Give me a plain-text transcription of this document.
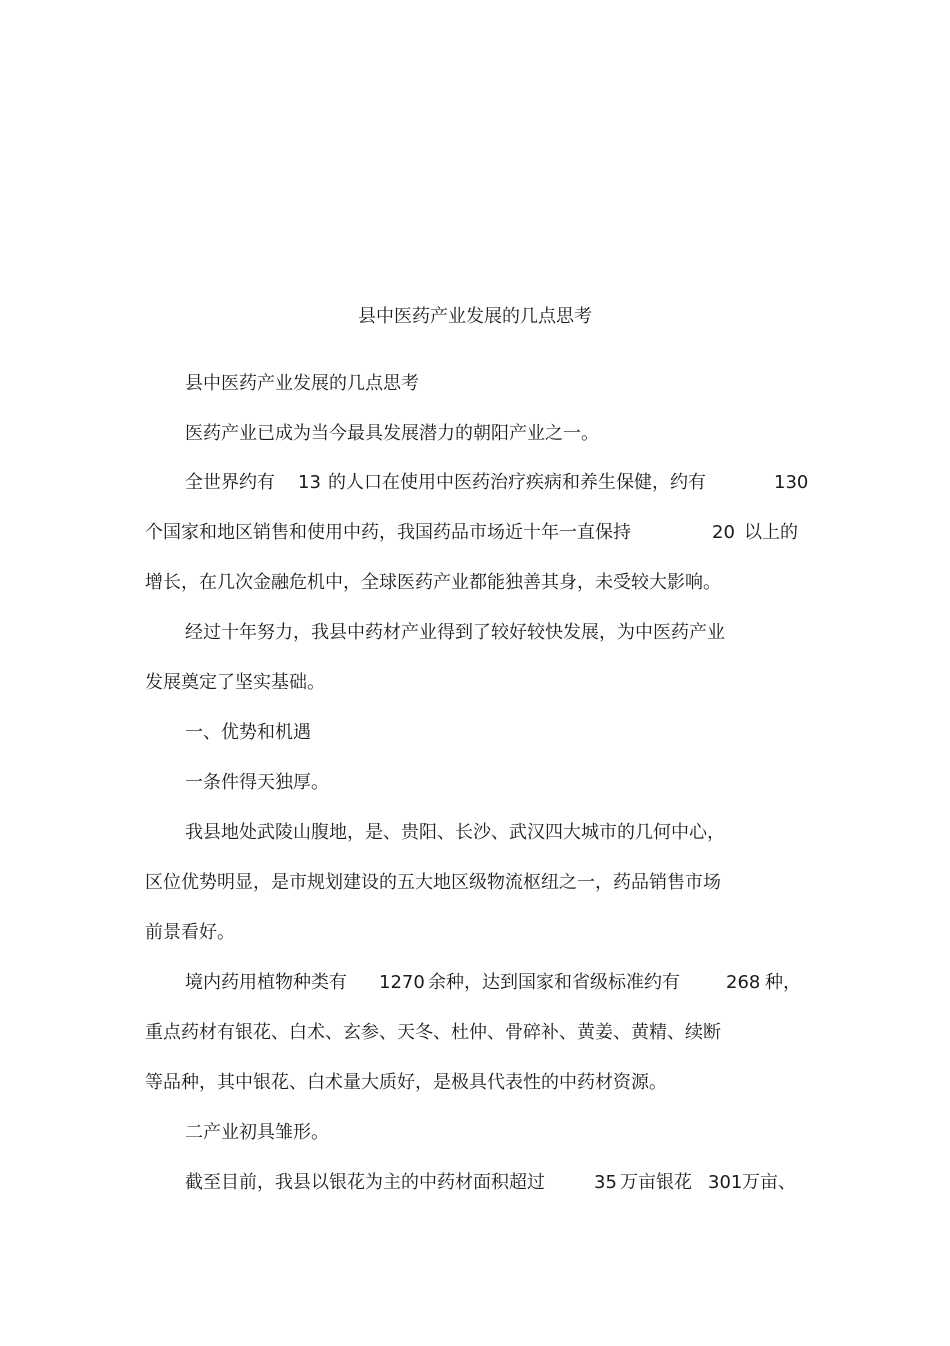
县中医药产业发展的几点思考
县中医药产业发展的几点思考
医药产业已成为当今最具发展潜力的朝阳产业之一。
全世界约有 13 的人口在使用中医药治疗疾病和养生保健，约有	130
个国家和地区销售和使用中药，我国药品市场近十年一直保持	20 以上的
增长，在几次金融危机中，全球医药产业都能独善其身，未受较大影响。
经过十年努力，我县中药材产业得到了较好较快发展，为中医药产业
发展奠定了坚实基础。
一、优势和机遇
一条件得天独厚。
我县地处武陵山腹地，是、贵阳、长沙、武汉四大城市的几何中心，
区位优势明显，是市规划建设的五大地区级物流枢纽之一，药品销售市场
前景看好。
境内药用植物种类有 1270 余种，达到国家和省级标准约有	268 种，
重点药材有银花、白术、玄参、天冬、杜仲、骨碎补、黄姜、黄精、续断
等品种，其中银花、白术量大质好，是极具代表性的中药材资源。
二产业初具雏形。
截至目前，我县以银花为主的中药材面积超过	35 万亩银花 301 万亩、
